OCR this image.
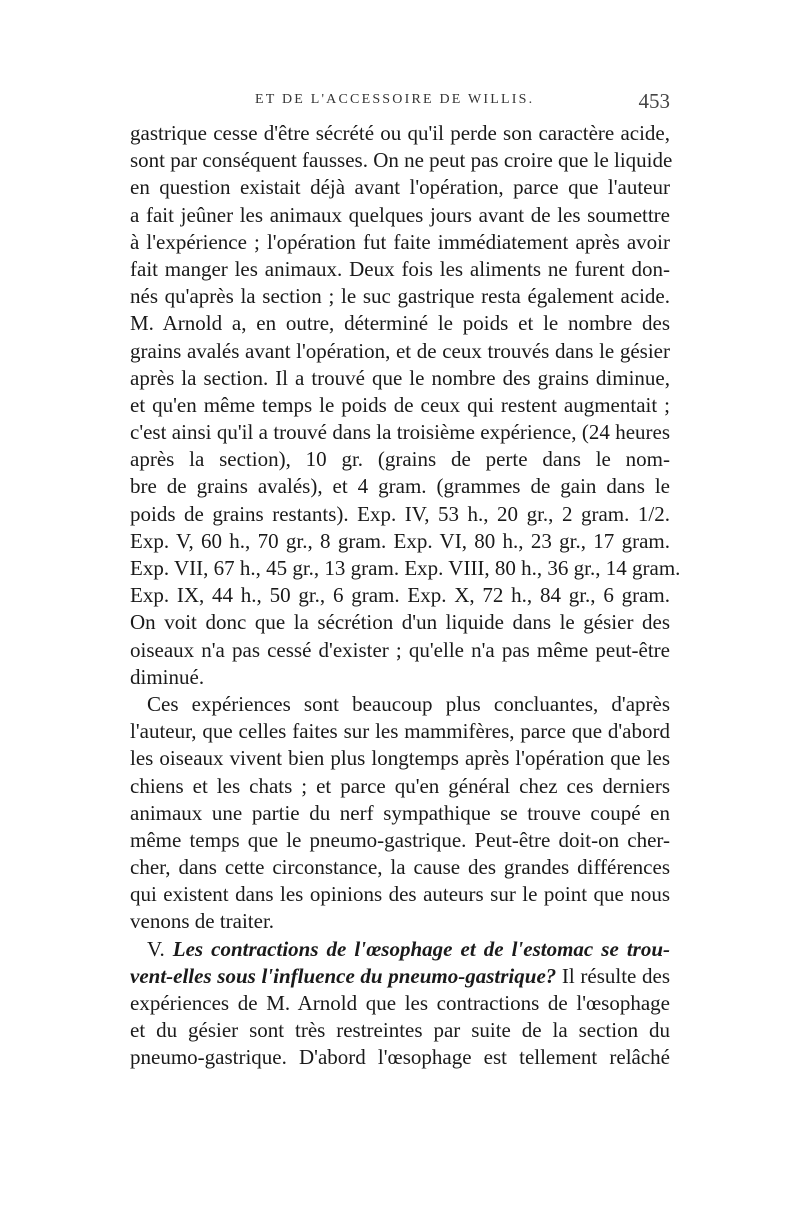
ET DE L'ACCESSOIRE DE WILLIS.	453
gastrique cesse d'être sécrété ou qu'il perde son caractère acide,
sont par conséquent fausses. On ne peut pas croire que le liquide
en question existait déjà avant l'opération, parce que l'auteur
a fait jeûner les animaux quelques jours avant de les soumettre
à l'expérience ; l'opération fut faite immédiatement après avoir
fait manger les animaux. Deux fois les aliments ne furent don-
nés qu'après la section ; le suc gastrique resta également acide.
M. Arnold a, en outre, déterminé le poids et le nombre des
grains avalés avant l'opération, et de ceux trouvés dans le gésier
après la section. Il a trouvé que le nombre des grains diminue,
et qu'en même temps le poids de ceux qui restent augmentait ;
c'est ainsi qu'il a trouvé dans la troisième expérience, (24 heures
après la section), 10 gr. (grains de perte dans le nom-
bre de grains avalés), et 4 gram. (grammes de gain dans le
poids de grains restants). Exp. IV, 53 h., 20 gr., 2 gram. 1/2.
Exp. V, 60 h., 70 gr., 8 gram. Exp. VI, 80 h., 23 gr., 17 gram.
Exp. VII, 67 h., 45 gr., 13 gram. Exp. VIII, 80 h., 36 gr., 14 gram.
Exp. IX, 44 h., 50 gr., 6 gram. Exp. X, 72 h., 84 gr., 6 gram.
On voit donc que la sécrétion d'un liquide dans le gésier des
oiseaux n'a pas cessé d'exister ; qu'elle n'a pas même peut-être
diminué.
Ces expériences sont beaucoup plus concluantes, d'après
l'auteur, que celles faites sur les mammifères, parce que d'abord
les oiseaux vivent bien plus longtemps après l'opération que les
chiens et les chats ; et parce qu'en général chez ces derniers
animaux une partie du nerf sympathique se trouve coupé en
même temps que le pneumo-gastrique. Peut-être doit-on cher-
cher, dans cette circonstance, la cause des grandes différences
qui existent dans les opinions des auteurs sur le point que nous
venons de traiter.
V. Les contractions de l'œsophage et de l'estomac se trou-
vent-elles sous l'influence du pneumo-gastrique? Il résulte des
expériences de M. Arnold que les contractions de l'œsophage
et du gésier sont très restreintes par suite de la section du
pneumo-gastrique. D'abord l'œsophage est tellement relâché
